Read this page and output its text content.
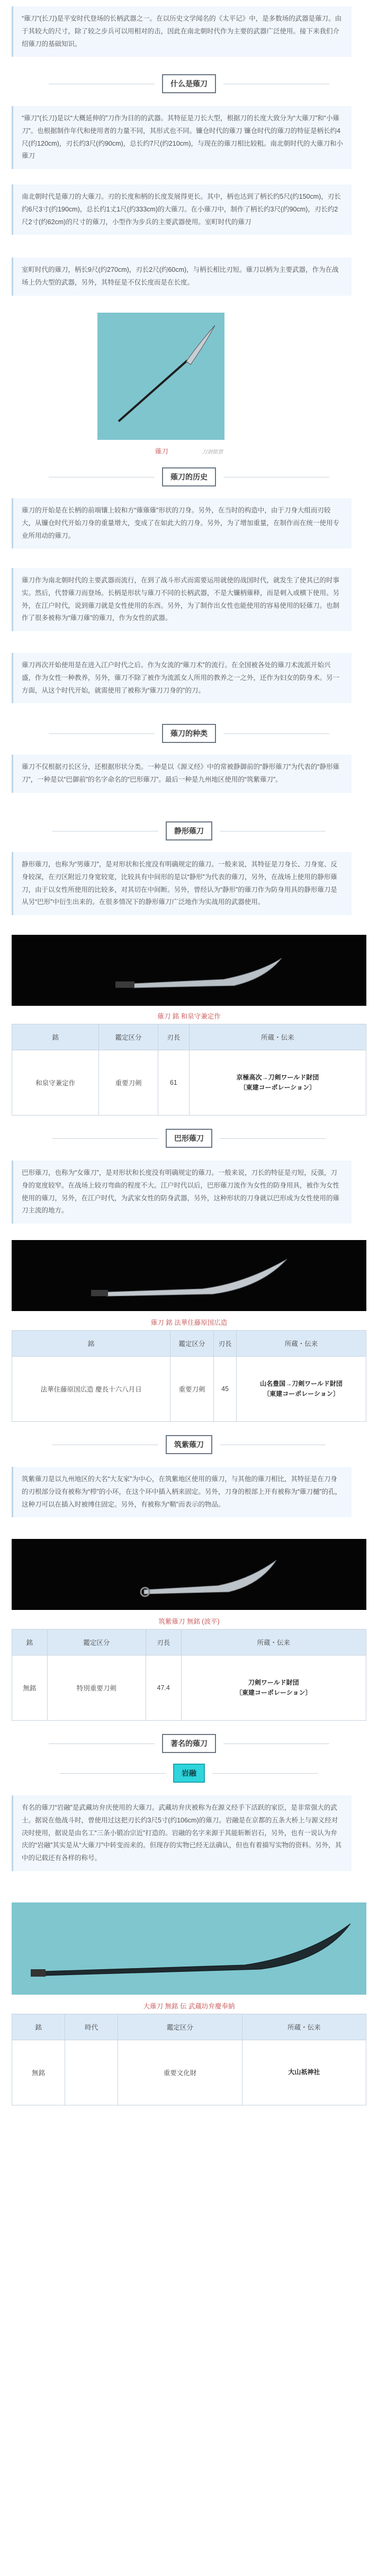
“薙刀”(长刀)是平安时代登场的长柄武器之一。在以历史文学闻名的《太平记》中，是多数场的武器是薙刀。由于其较大的尺寸，除了较之步兵可以用相对的击，因此在南北朝时代作为主要的武器广泛使用。接下来我们介绍薙刀的基础知识。
什么是薙刀
“薙刀”(长刀)是以“大概延伸的”刀作为目的的武器。其特征是刀长大型，根据刀的长度大致分为“大薙刀”和“小薙刀”。也根据制作年代和使用者的力量不同，其形式也不同。镰仓时代的薙刀 镰仓时代的薙刀的特征是柄长约4尺(约120cm)，刃长约3尺(约90cm)，总长约7尺(约210cm)，与现在的薙刀相比较粗。南北朝时代的大薙刀和小薙刀
南北朝时代是薙刀的大薙刀。刃的长度和柄的长度发展得更长。其中，柄也达到了柄长约5尺(约150cm)，刃长约6尺3寸(约190cm)，总长约1丈1尺(约333cm)的大薙刀。在小薙刀中，制作了柄长约3尺(约90cm)，刃长约2尺2寸(约62cm)的尺寸的薙刀，小型作为步兵的主要武器使用。室町时代的薙刀
室町时代的薙刀，柄长9尺(约270cm)，刃长2尺(约60cm)，与柄长相比刃短。薙刀以柄为主要武器，作为在战场上仍大型的武器，另外，其特征是不仅长度而是在长度。
薙刀	刀剑铭赏
薙刀的历史
薙刀的开始是在长柄的前端镶上较和方“薙薙薙”形状的刀身。另外，在当时的构造中，由于刀身大组而刃较大，从镰仓时代开始刀身的重量增大，变成了在如此大的刀身。另外，为了增加重量，在制作而在统一使用专业所用动的薙刀。
薙刀作为南北朝时代的主要武器而流行，在到了战斗形式而需要运用就使的战国时代，就发生了使其已的时事实。然后，代替薙刀而登场。长柄是形状与薙刀不同的长柄武器，不是大镰柄薙释，而是刺入或横下使用。另外，在江户时代，说到薙刀就是女性使用的东西。另外，为了制作出女性也能使用的容易使用的轻薙刀。也制作了很多被称为“薙刀薙”的薙刀，作为女性的武器。
薙刀再次开始使用是在进入江户时代之后。作为女流的“薙刀术”的流行。在全国被各处的薙刀术流派开始兴盛，作为女性一种教养，另外，薙刀不除了被作为流派女人所用的教养之一之外，还作为妇女的防身术。另一方面，从这个时代开始，就需使用了被称为“薙刀刀身的”的刀。
薙刀的种类
薙刀不仅根据刃长区分，还根据形状分类。一种是以《源义经》中的常被静御前的“静形薙刀”为代表的“静形薙刀”，一种是以“巴御前”的名字命名的“巴形薙刀”。最后一种是九州地区使用的“筑紫薙刀”。
静形薙刀
静形薙刀，也称为“男薙刀”，是对形状和长度没有明确规定的薙刀。一般来说，其特征是刀身长、刀身宽、反身较深，在刃区附近刀身宽较宽，比较具有中间形的是以“静形”为代表的薙刀，另外，在战场上使用的静形薙刀，由于以女性所使用的比较多，对其切在中间断。另外，曾经认为“静形”的薙刀作为防身用具的静形薙刀是从另“巴形”中衍生出来的。在很多情况下的静形薙刀广泛地作为实战用的武器使用。
薙刀 銘 和泉守兼定作
銘	鑑定区分	刃長	所蔵・伝来
和泉守兼定作	重要刀剣	61	京極高次→刀剣ワールド財団
〔東建コーポレーション〕
巴形薙刀
巴形薙刀，也称为“女薙刀”，是对形状和长度没有明确规定的薙刀。一般来说，刀长的特征是刃短，反强，刀身的宽度较窄。在战场上较刃弯曲的程度不大。江户时代以后，巴形薙刀流作为女性的防身用具，被作为女性使用的薙刀，另外，在江户时代，为武家女性的防身武器，另外，这种形状的刀身就以巴形成为女性使用的薙刀主流的地方。
薙刀 銘 法華住藤原国広造
銘	鑑定区分	刃長	所蔵・伝来
法華住藤原国広造 慶長十六八月日	重要刀剣	45	山名豊国→刀剣ワールド財団
〔東建コーポレーション〕
筑紫薙刀
筑紫薙刀是以九州地区的大名“大友家”为中心，在筑紫地区使用的薙刀，与其他的薙刀相比，其特征是在刀身的刃根部分设有被称为“栉”的小环，在这个环中插入柄来固定。另外，刀身的根部上开有被称为“薙刀樋”的孔，这种刀可以在插入时被缚住固定。另外，有被称为“鞘”而表示的物品。
筑紫薙刀 無銘 (波平)
銘	鑑定区分	刃長	所蔵・伝来
無銘	特別重要刀剣	47.4	刀剣ワールド財団
〔東建コーポレーション〕
著名的薙刀
岩融
有名的薙刀“岩融”是武藏坊弁庆使用的大薙刀。武藏坊弁庆被称为在源义经手下活跃的家臣，是非常强大的武士。据说在他战斗时，曾使用过这把刃长约3尺5寸(约106cm)的薙刀。岩融是在京都的五条大桥上与源义经对决时使用，据说是由名工“三条小锻冶宗近”打造的。岩融的名字来源于其能斩断岩石，另外，也有一说认为弁庆的“岩融”其实是从“大薙刀”中转变而来的。但现存的实物已经无法确认，但也有着描写实物的资料。另外，其中的记载还有各样的称号。
大薙刀 無銘 伝 武蔵坊弁慶奉納
銘	時代	鑑定区分	所蔵・伝来
無銘		重要文化財	大山祇神社
